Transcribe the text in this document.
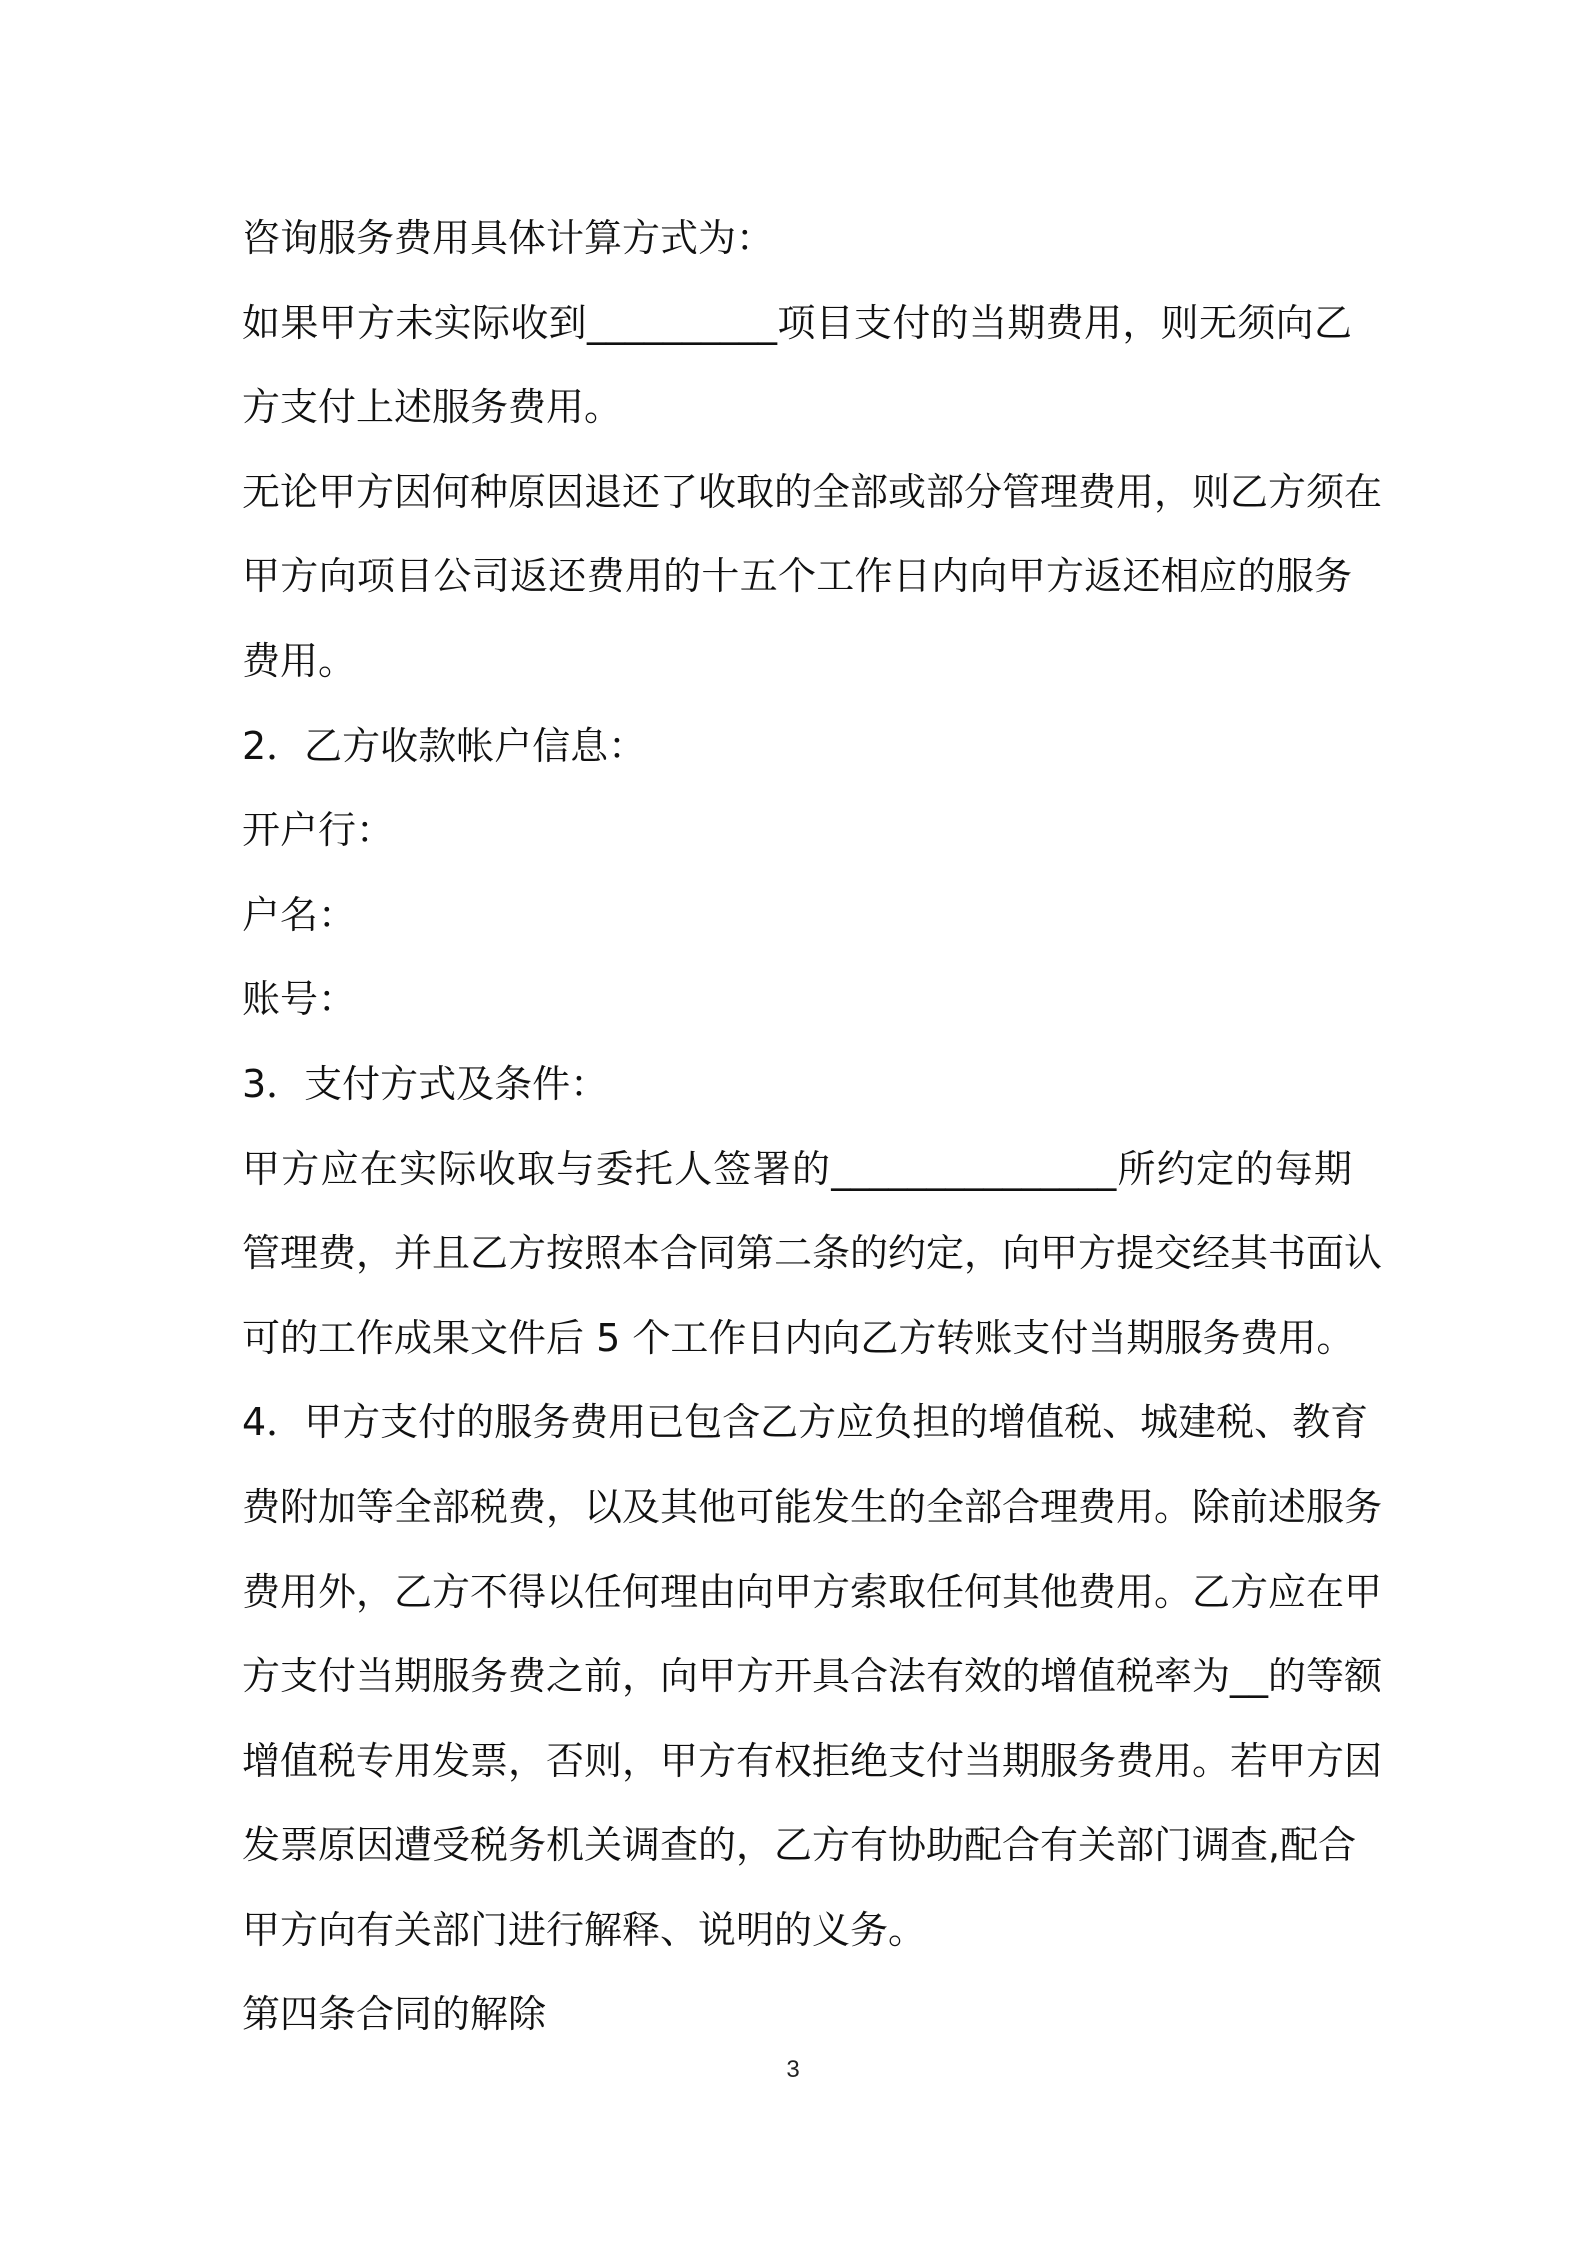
咨询服务费用具体计算方式为：
如果甲方未实际收到__________项目支付的当期费用，则无须向乙
方支付上述服务费用。
无论甲方因何种原因退还了收取的全部或部分管理费用，则乙方须在
甲方向项目公司返还费用的十五个工作日内向甲方返还相应的服务
费用。
2．乙方收款帐户信息：
开户行：
户名：
账号：
3．支付方式及条件：
甲方应在实际收取与委托人签署的_______________所约定的每期
管理费，并且乙方按照本合同第二条的约定，向甲方提交经其书面认
可的工作成果文件后 5 个工作日内向乙方转账支付当期服务费用。
4．甲方支付的服务费用已包含乙方应负担的增值税、城建税、教育
费附加等全部税费，以及其他可能发生的全部合理费用。除前述服务
费用外，乙方不得以任何理由向甲方索取任何其他费用。乙方应在甲
方支付当期服务费之前，向甲方开具合法有效的增值税率为__的等额
增值税专用发票，否则，甲方有权拒绝支付当期服务费用。若甲方因
发票原因遭受税务机关调查的，乙方有协助配合有关部门调查,配合
甲方向有关部门进行解释、说明的义务。
第四条合同的解除
3
